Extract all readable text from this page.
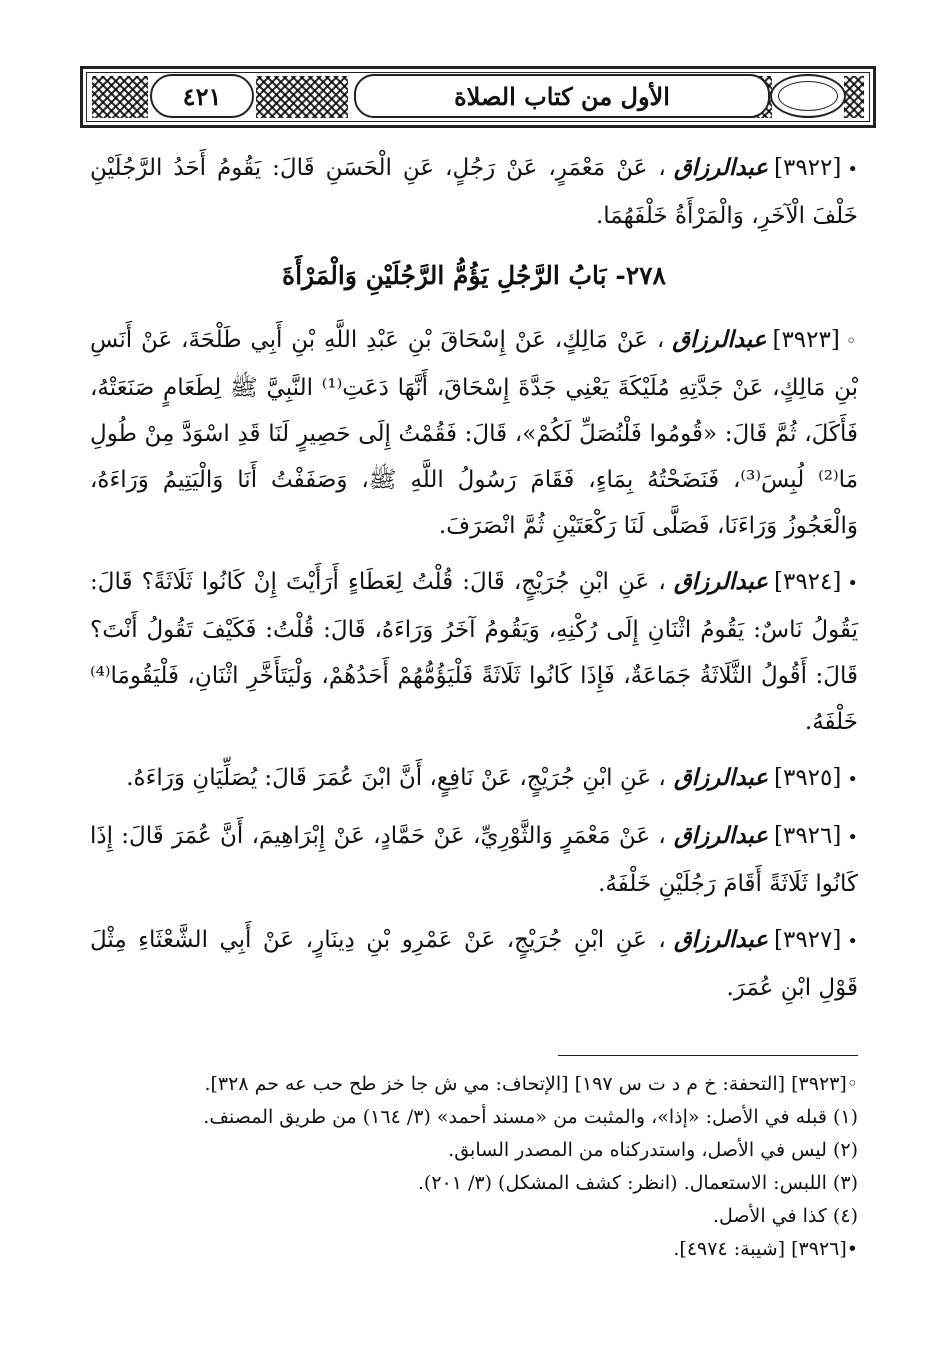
٤٢١	الأول من كتاب الصلاة

•[٣٩٢٢]عبدالرزاق، عَنْ مَعْمَرٍ، عَنْ رَجُلٍ، عَنِ الْحَسَنِ قَالَ: يَقُومُ أَحَدُ الرَّجُلَيْنِ خَلْفَ الْآخَرِ، وَالْمَرْأَةُ خَلْفَهُمَا.

٢٧٨- بَابُ الرَّجُلِ يَؤُمُّ الرَّجُلَيْنِ وَالْمَرْأَةَ

◦[٣٩٢٣]عبدالرزاق، عَنْ مَالِكٍ، عَنْ إِسْحَاقَ بْنِ عَبْدِ اللَّهِ بْنِ أَبِي طَلْحَةَ، عَنْ أَنَسِ بْنِ مَالِكٍ، عَنْ جَدَّتِهِ مُلَيْكَةَ يَعْنِي جَدَّةَ إِسْحَاقَ، أَنَّهَا دَعَتِ⁽¹⁾ النَّبِيَّ ﷺ لِطَعَامٍ صَنَعَتْهُ، فَأَكَلَ، ثُمَّ قَالَ: «قُومُوا فَلْنُصَلِّ لَكُمْ»، قَالَ: فَقُمْتُ إِلَى حَصِيرٍ لَنَا قَدِ اسْوَدَّ مِنْ طُولِ مَا⁽²⁾ لُبِسَ⁽³⁾، فَنَضَحْتُهُ بِمَاءٍ، فَقَامَ رَسُولُ اللَّهِ ﷺ، وَصَفَفْتُ أَنَا وَالْيَتِيمُ وَرَاءَهُ، وَالْعَجُوزُ وَرَاءَنَا، فَصَلَّى لَنَا رَكْعَتَيْنِ ثُمَّ انْصَرَفَ.

•[٣٩٢٤]عبدالرزاق، عَنِ ابْنِ جُرَيْجٍ، قَالَ: قُلْتُ لِعَطَاءٍ أَرَأَيْتَ إِنْ كَانُوا ثَلَاثَةً؟ قَالَ: يَقُولُ نَاسٌ: يَقُومُ اثْنَانِ إِلَى رُكْنِهِ، وَيَقُومُ آخَرُ وَرَاءَهُ، قَالَ: قُلْتُ: فَكَيْفَ تَقُولُ أَنْتَ؟ قَالَ: أَقُولُ الثَّلَاثَةُ جَمَاعَةٌ، فَإِذَا كَانُوا ثَلَاثَةً فَلْيَؤُمُّهُمْ أَحَدُهُمْ، وَلْيَتَأَخَّرِ اثْنَانِ، فَلْيَقُومَا⁽⁴⁾ خَلْفَهُ.

•[٣٩٢٥]عبدالرزاق، عَنِ ابْنِ جُرَيْجٍ، عَنْ نَافِعٍ، أَنَّ ابْنَ عُمَرَ قَالَ: يُصَلِّيَانِ وَرَاءَهُ.

•[٣٩٢٦]عبدالرزاق، عَنْ مَعْمَرٍ وَالثَّوْرِيِّ، عَنْ حَمَّادٍ، عَنْ إِبْرَاهِيمَ، أَنَّ عُمَرَ قَالَ: إِذَا كَانُوا ثَلَاثَةً أَقَامَ رَجُلَيْنِ خَلْفَهُ.

•[٣٩٢٧]عبدالرزاق، عَنِ ابْنِ جُرَيْجٍ، عَنْ عَمْرِو بْنِ دِينَارٍ، عَنْ أَبِي الشَّعْثَاءِ مِثْلَ قَوْلِ ابْنِ عُمَرَ.

◦[٣٩٢٣] [التحفة: خ م د ت س ١٩٧] [الإتحاف: مي ش جا خز طح حب عه حم ٣٢٨].

(١) قبله في الأصل: «إذا»، والمثبت من «مسند أحمد» (٣/ ١٦٤) من طريق المصنف.

(٢) ليس في الأصل، واستدركناه من المصدر السابق.

(٣) اللبس: الاستعمال. (انظر: كشف المشكل) (٣/ ٢٠١).

(٤) كذا في الأصل.

•[٣٩٢٦] [شيبة: ٤٩٧٤].
